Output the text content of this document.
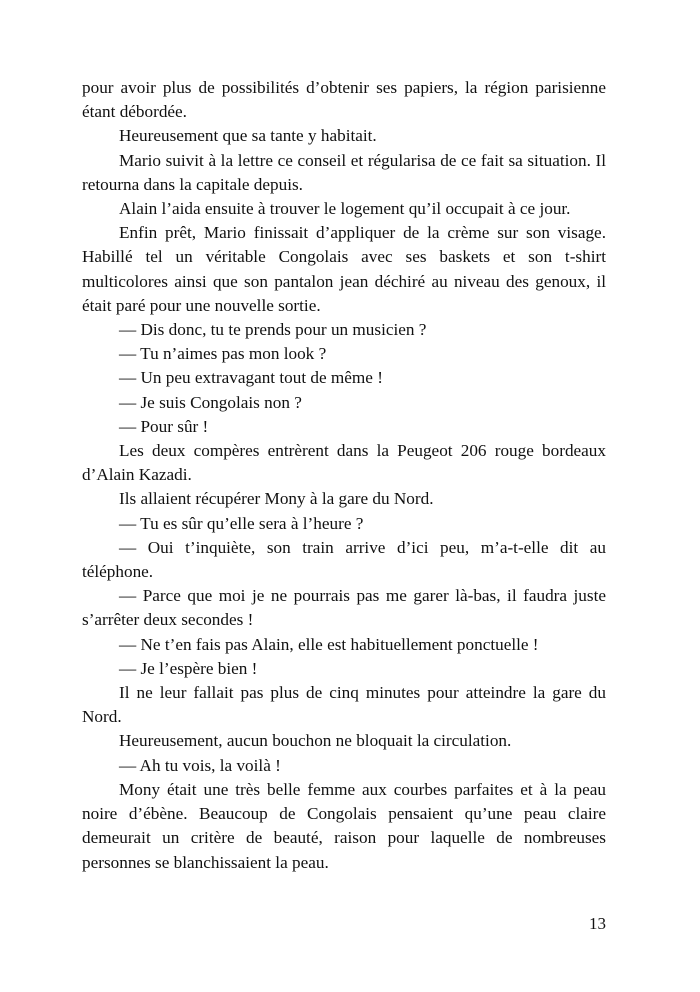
pour avoir plus de possibilités d’obtenir ses papiers, la région parisienne étant débordée.

Heureusement que sa tante y habitait.

Mario suivit à la lettre ce conseil et régularisa de ce fait sa situation. Il retourna dans la capitale depuis.

Alain l’aida ensuite à trouver le logement qu’il occupait à ce jour.

Enfin prêt, Mario finissait d’appliquer de la crème sur son visage. Habillé tel un véritable Congolais avec ses baskets et son t-shirt multicolores ainsi que son pantalon jean déchiré au niveau des genoux, il était paré pour une nouvelle sortie.

— Dis donc, tu te prends pour un musicien ?

— Tu n’aimes pas mon look ?

— Un peu extravagant tout de même !

— Je suis Congolais non ?

— Pour sûr !

Les deux compères entrèrent dans la Peugeot 206 rouge bordeaux d’Alain Kazadi.

Ils allaient récupérer Mony à la gare du Nord.

— Tu es sûr qu’elle sera à l’heure ?

— Oui t’inquiète, son train arrive d’ici peu, m’a-t-elle dit au téléphone.

— Parce que moi je ne pourrais pas me garer là-bas, il faudra juste s’arrêter deux secondes !

— Ne t’en fais pas Alain, elle est habituellement ponctuelle !

— Je l’espère bien !

Il ne leur fallait pas plus de cinq minutes pour atteindre la gare du Nord.

Heureusement, aucun bouchon ne bloquait la circulation.

— Ah tu vois, la voilà !

Mony était une très belle femme aux courbes parfaites et à la peau noire d’ébène. Beaucoup de Congolais pensaient qu’une peau claire demeurait un critère de beauté, raison pour laquelle de nombreuses personnes se blanchissaient la peau.

13
